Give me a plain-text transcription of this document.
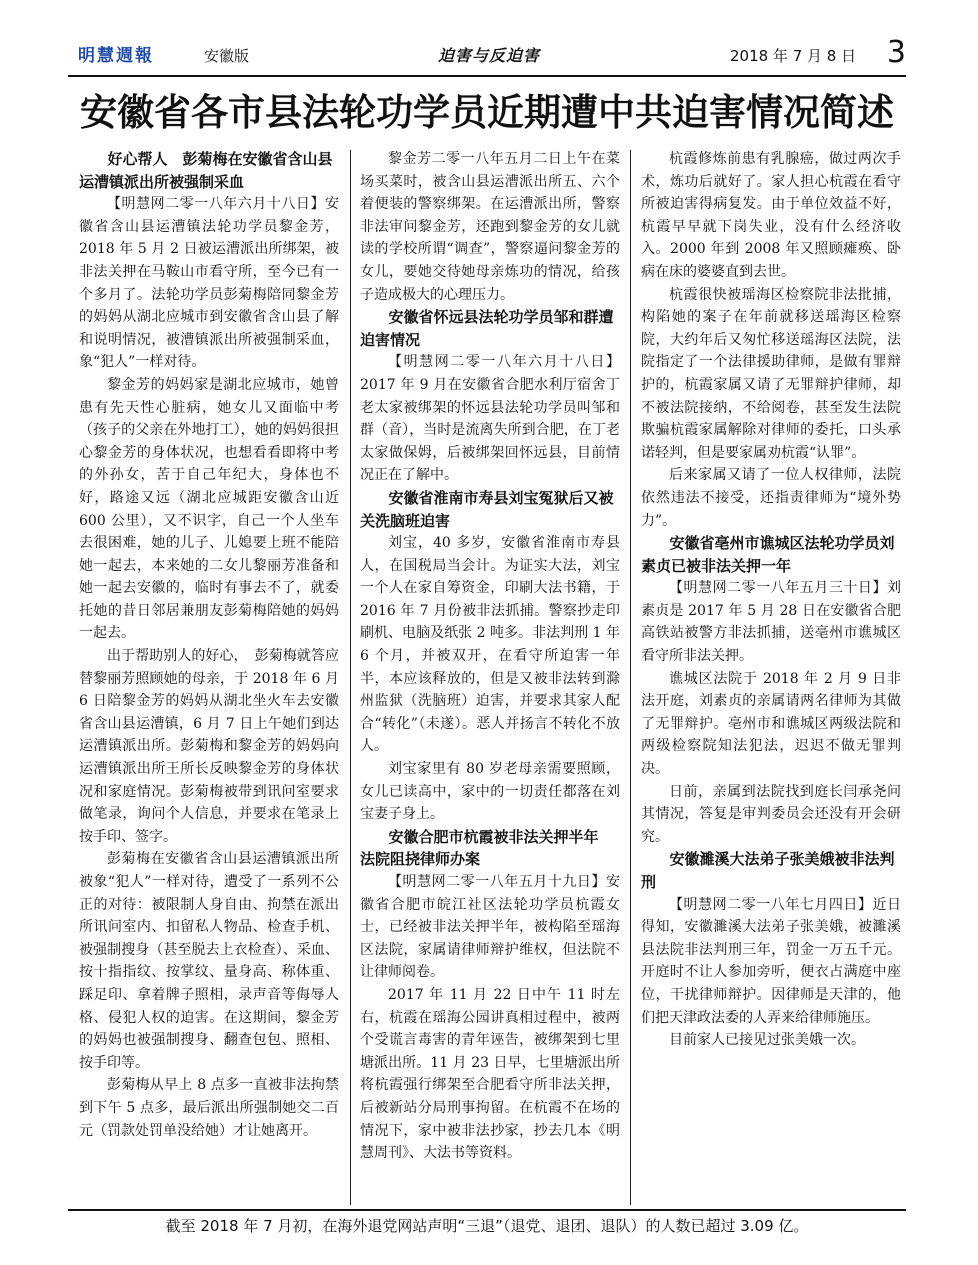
明慧週報	安徽版	迫害与反迫害	2018 年 7 月 8 日 3
安徽省各市县法轮功学员近期遭中共迫害情况简述
好心帮人　彭菊梅在安徽省含山县运漕镇派出所被强制采血

【明慧网二零一八年六月十八日】安徽省含山县运漕镇法轮功学员黎金芳，2018 年 5 月 2 日被运漕派出所绑架，被非法关押在马鞍山市看守所，至今已有一个多月了。法轮功学员彭菊梅陪同黎金芳的妈妈从湖北应城市到安徽省含山县了解和说明情况，被漕镇派出所被强制采血，象“犯人”一样对待。

黎金芳的妈妈家是湖北应城市，她曾患有先天性心脏病，她女儿又面临中考（孩子的父亲在外地打工），她的妈妈很担心黎金芳的身体状况，也想看看即将中考的外孙女，苦于自己年纪大，身体也不好，路途又远（湖北应城距安徽含山近 600 公里），又不识字，自己一个人坐车去很困难，她的儿子、儿媳要上班不能陪她一起去，本来她的二女儿黎丽芳准备和她一起去安徽的，临时有事去不了，就委托她的昔日邻居兼朋友彭菊梅陪她的妈妈一起去。

出于帮助别人的好心，　彭菊梅就答应替黎丽芳照顾她的母亲，于 2018 年 6 月 6 日陪黎金芳的妈妈从湖北坐火车去安徽省含山县运漕镇，6 月 7 日上午她们到达运漕镇派出所。彭菊梅和黎金芳的妈妈向运漕镇派出所王所长反映黎金芳的身体状况和家庭情况。彭菊梅被带到讯问室要求做笔录，询问个人信息，并要求在笔录上按手印、签字。

彭菊梅在安徽省含山县运漕镇派出所被象“犯人”一样对待，遭受了一系列不公正的对待：被限制人身自由、拘禁在派出所讯问室内、扣留私人物品、检查手机、被强制搜身（甚至脱去上衣检查）、采血、按十指指纹、按掌纹、量身高、称体重、踩足印、拿着牌子照相，录声音等侮辱人格、侵犯人权的迫害。在这期间，黎金芳的妈妈也被强制搜身、翻查包包、照相、按手印等。

彭菊梅从早上 8 点多一直被非法拘禁到下午 5 点多，最后派出所强制她交二百元（罚款处罚单没给她）才让她离开。

黎金芳二零一八年五月二日上午在菜场买菜时，被含山县运漕派出所五、六个着便装的警察绑架。在运漕派出所，警察非法审问黎金芳，还跑到黎金芳的女儿就读的学校所谓“调查”，警察逼问黎金芳的女儿，要她交待她母亲炼功的情况，给孩子造成极大的心理压力。

安徽省怀远县法轮功学员邹和群遭迫害情况

【明慧网二零一八年六月十八日】2017 年 9 月在安徽省合肥水利厅宿舍丁老太家被绑架的怀远县法轮功学员叫邹和群（音），当时是流离失所到合肥，在丁老太家做保姆，后被绑架回怀远县，目前情况正在了解中。

安徽省淮南市寿县刘宝冤狱后又被关洗脑班迫害

刘宝，40 多岁，安徽省淮南市寿县人，在国税局当会计。为证实大法，刘宝一个人在家自筹资金，印刷大法书籍，于 2016 年 7 月份被非法抓捕。警察抄走印刷机、电脑及纸张 2 吨多。非法判刑 1 年 6 个月，并被双开，在看守所迫害一年半，本应该释放的，但是又被非法转到滁州监狱（洗脑班）迫害，并要求其家人配合“转化”（未遂）。恶人并扬言不转化不放人。

刘宝家里有 80 岁老母亲需要照顾，女儿已读高中，家中的一切责任都落在刘宝妻子身上。

安徽合肥市杭霞被非法关押半年　法院阻挠律师办案

【明慧网二零一八年五月十九日】安徽省合肥市皖江社区法轮功学员杭霞女士，已经被非法关押半年，被构陷至瑶海区法院，家属请律师辩护维权，但法院不让律师阅卷。

2017 年 11 月 22 日中午 11 时左右，杭霞在瑶海公园讲真相过程中，被两个受谎言毒害的青年诬告，被绑架到七里塘派出所。11 月 23 日早，七里塘派出所将杭霞强行绑架至合肥看守所非法关押，后被新站分局刑事拘留。在杭霞不在场的情况下，家中被非法抄家，抄去几本《明慧周刊》、大法书等资料。

杭霞修炼前患有乳腺癌，做过两次手术，炼功后就好了。家人担心杭霞在看守所被迫害得病复发。由于单位效益不好，杭霞早早就下岗失业，没有什么经济收入。2000 年到 2008 年又照顾瘫痪、卧病在床的婆婆直到去世。

杭霞很快被瑶海区检察院非法批捕，构陷她的案子在年前就移送瑶海区检察院，大约年后又匆忙移送瑶海区法院，法院指定了一个法律援助律师，是做有罪辩护的，杭霞家属又请了无罪辩护律师，却不被法院接纳，不给阅卷，甚至发生法院欺骗杭霞家属解除对律师的委托，口头承诺轻判，但是要家属劝杭霞“认罪”。

后来家属又请了一位人权律师，法院依然违法不接受，还指责律师为“境外势力”。

安徽省亳州市谯城区法轮功学员刘素贞已被非法关押一年

【明慧网二零一八年五月三十日】刘素贞是 2017 年 5 月 28 日在安徽省合肥高铁站被警方非法抓捕，送亳州市谯城区看守所非法关押。

谯城区法院于 2018 年 2 月 9 日非法开庭，刘素贞的亲属请两名律师为其做了无罪辩护。亳州市和谯城区两级法院和两级检察院知法犯法，迟迟不做无罪判决。

日前，亲属到法院找到庭长闫承尧问其情况，答复是审判委员会还没有开会研究。

安徽濉溪大法弟子张美娥被非法判刑

【明慧网二零一八年七月四日】近日得知，安徽濉溪大法弟子张美娥，被濉溪县法院非法判刑三年，罚金一万五千元。开庭时不让人参加旁听，便衣占满庭中座位，干扰律师辩护。因律师是天津的，他们把天津政法委的人弄来给律师施压。

目前家人已接见过张美娥一次。

截至 2018 年 7 月初，在海外退党网站声明“三退”（退党、退团、退队）的人数已超过 3.09 亿。
